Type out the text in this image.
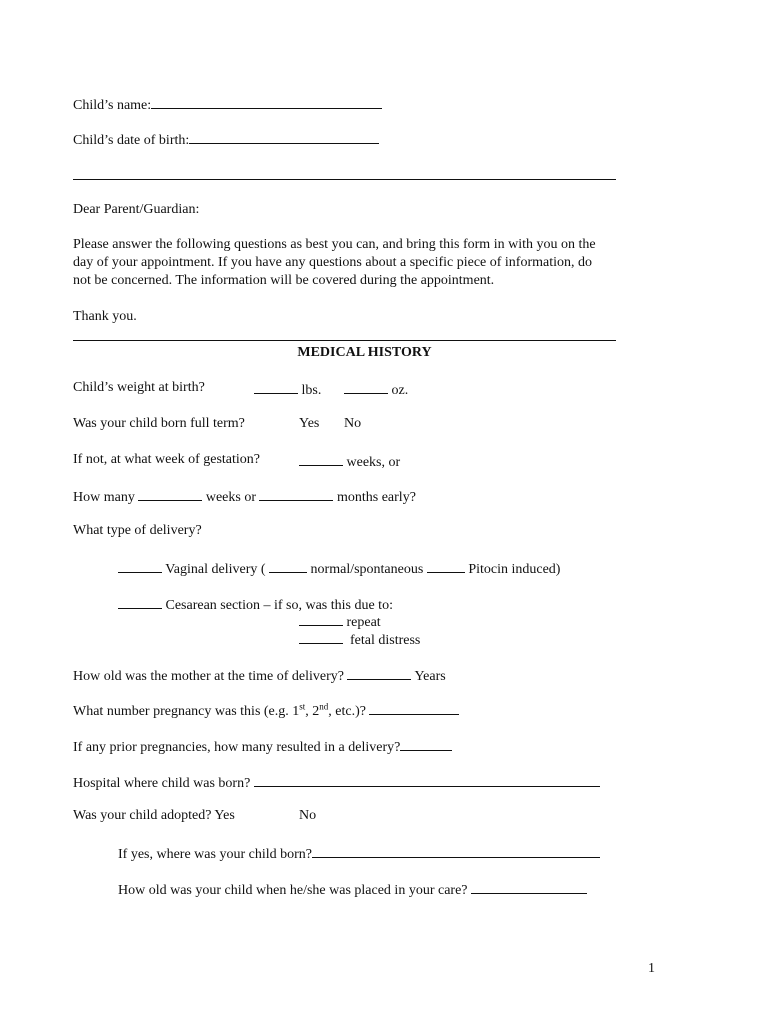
Child’s name:
Child’s date of birth:
Dear Parent/Guardian:
Please answer the following questions as best you can, and bring this form in with you on the
day of your appointment. If you have any questions about a specific piece of information, do
not be concerned. The information will be covered during the appointment.
Thank you.
MEDICAL HISTORY
Child’s weight at birth?	lbs.	oz.
Was your child born full term?	Yes No
If not, at what week of gestation?	weeks, or
How many	weeks or	months early?
What type of delivery?
Vaginal delivery (	normal/spontaneous	Pitocin induced)
Cesarean section – if so, was this due to:
repeat
fetal distress
How old was the mother at the time of delivery?	Years
What number pregnancy was this (e.g. 1st, 2nd, etc.)?
If any prior pregnancies, how many resulted in a delivery?
Hospital where child was born?
Was your child adopted? Yes	No
If yes, where was your child born?
How old was your child when he/she was placed in your care?
1
